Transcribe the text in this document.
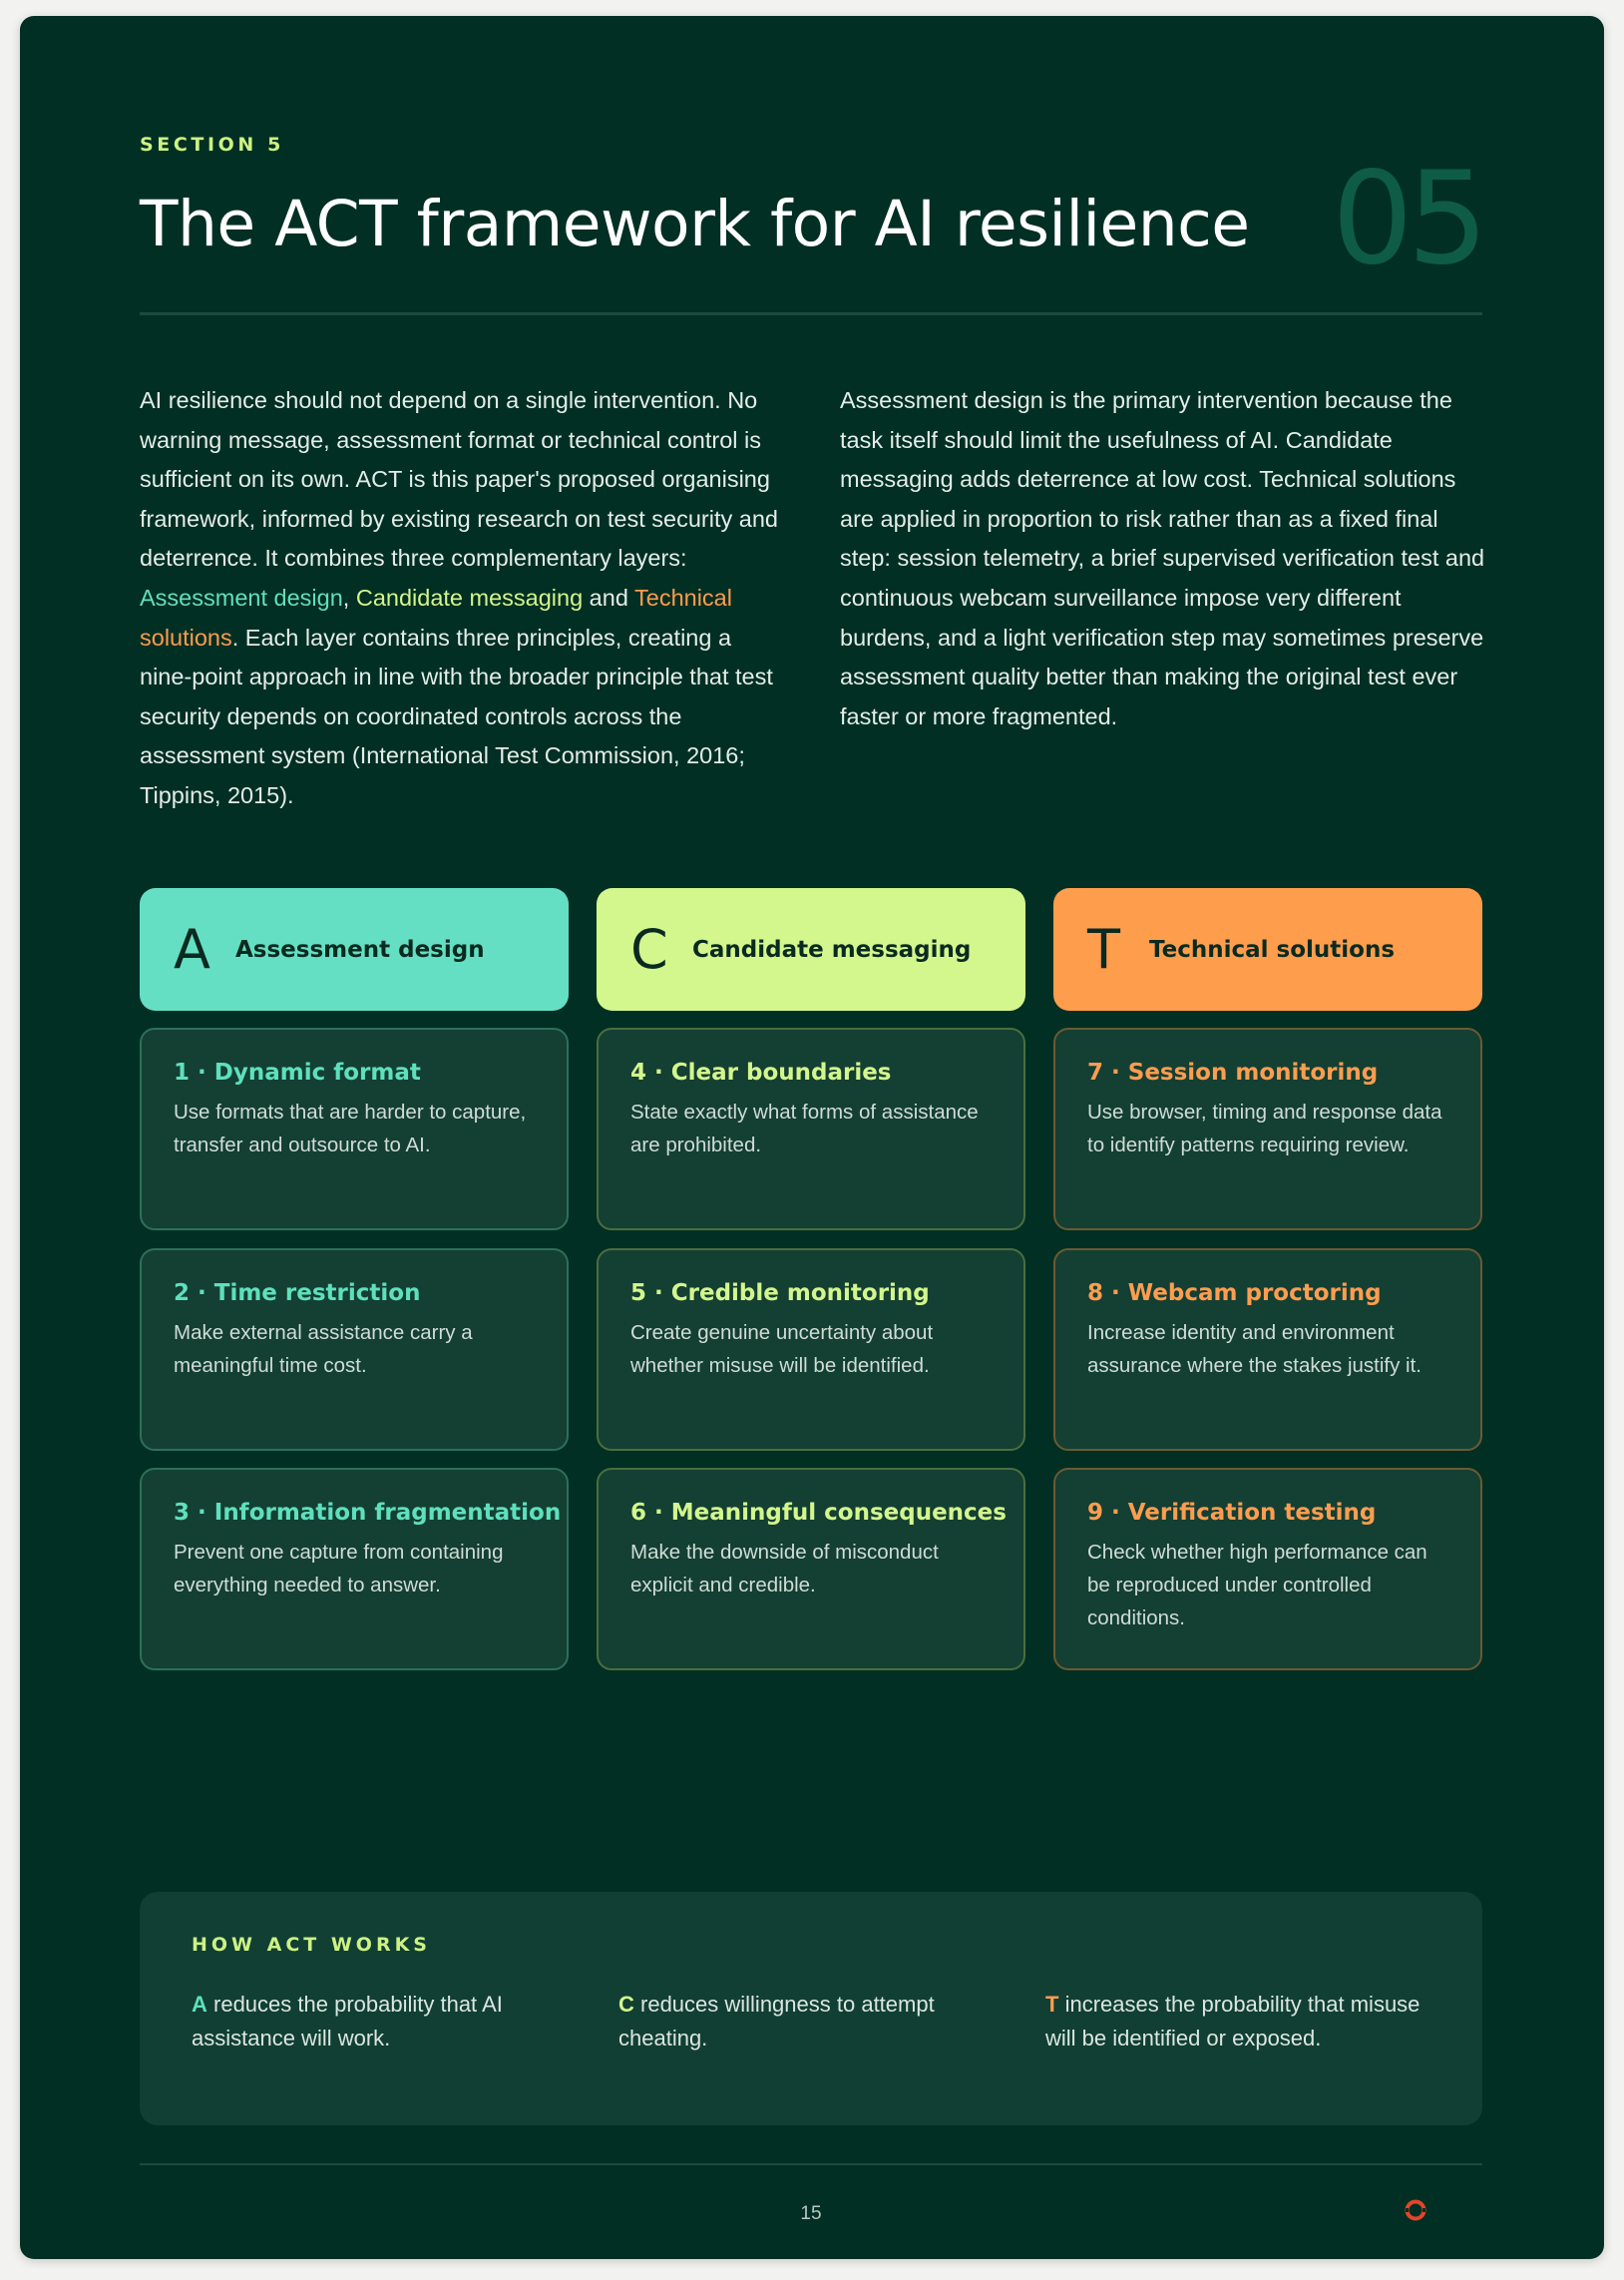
SECTION 5
The ACT framework for AI resilience 05

AI resilience should not depend on a single intervention. No warning message, assessment format or technical control is sufficient on its own. ACT is this paper's proposed organising framework, informed by existing research on test security and deterrence. It combines three complementary layers: Assessment design, Candidate messaging and Technical solutions. Each layer contains three principles, creating a nine-point approach in line with the broader principle that test security depends on coordinated controls across the assessment system (International Test Commission, 2016; Tippins, 2015).

Assessment design is the primary intervention because the task itself should limit the usefulness of AI. Candidate messaging adds deterrence at low cost. Technical solutions are applied in proportion to risk rather than as a fixed final step: session telemetry, a brief supervised verification test and continuous webcam surveillance impose very different burdens, and a light verification step may sometimes preserve assessment quality better than making the original test ever faster or more fragmented.

A	Assessment design
1 · Dynamic format
Use formats that are harder to capture, transfer and outsource to AI.
2 · Time restriction
Make external assistance carry a meaningful time cost.
3 · Information fragmentation
Prevent one capture from containing everything needed to answer.
C	Candidate messaging
4 · Clear boundaries
State exactly what forms of assistance are prohibited.
5 · Credible monitoring
Create genuine uncertainty about whether misuse will be identified.
6 · Meaningful consequences
Make the downside of misconduct explicit and credible.
T	Technical solutions
7 · Session monitoring
Use browser, timing and response data to identify patterns requiring review.
8 · Webcam proctoring
Increase identity and environment assurance where the stakes justify it.
9 · Verification testing
Check whether high performance can be reproduced under controlled conditions.
HOW ACT WORKS

A reduces the probability that AI assistance will work.

C reduces willingness to attempt cheating.

T increases the probability that misuse will be identified or exposed.

15
